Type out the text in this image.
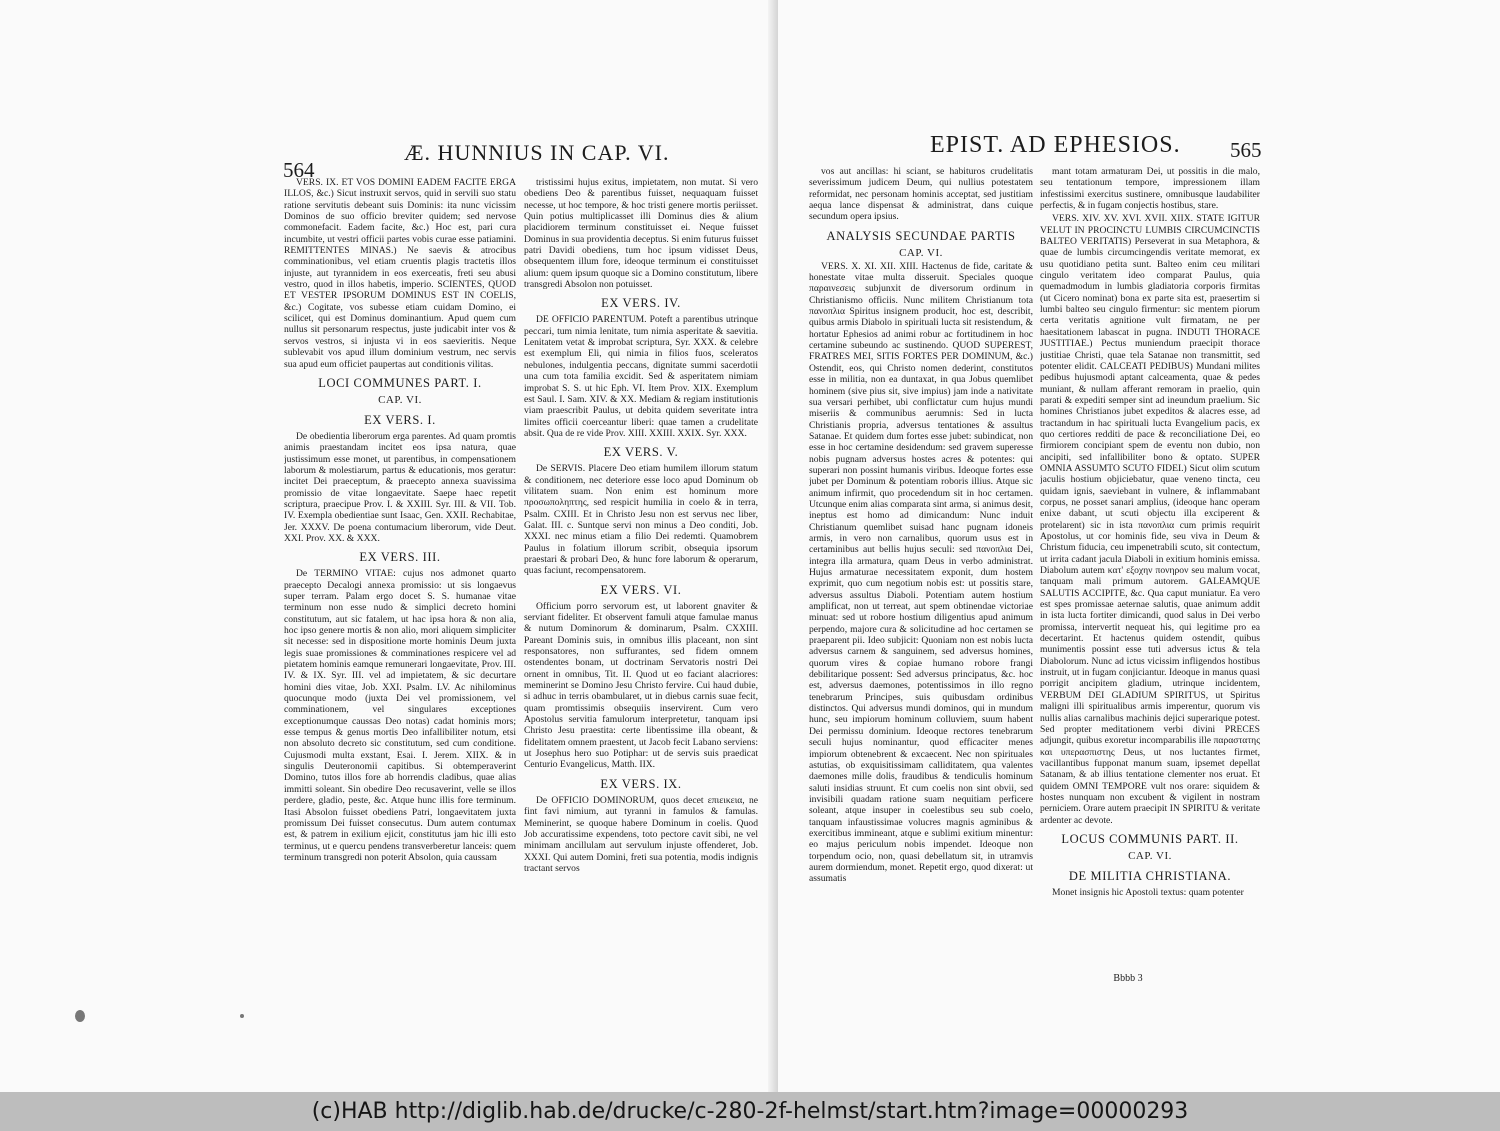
564
Æ. HUNNIUS IN CAP. VI.

VERS. IX. ET VOS DOMINI EADEM FACITE ERGA ILLOS, &c.) Sicut instruxit servos, quid in servili suo statu ratione servitutis debeant suis Dominis: ita nunc vicissim Dominos de suo officio breviter quidem; sed nervose commonefacit. Eadem facite, &c.) Hoc est, pari cura incumbite, ut vestri officii partes vobis curae esse patiamini. REMITTENTES MINAS.) Ne saevis & atrocibus comminationibus, vel etiam cruentis plagis tractetis illos injuste, aut tyrannidem in eos exerceatis, freti seu abusi vestro, quod in illos habetis, imperio. SCIENTES, QUOD ET VESTER IPSORUM DOMINUS EST IN COELIS, &c.) Cogitate, vos subesse etiam cuidam Domino, ei scilicet, qui est Dominus dominantium. Apud quem cum nullus sit personarum respectus, juste judicabit inter vos & servos vestros, si injusta vi in eos saevieritis. Neque sublevabit vos apud illum dominium vestrum, nec servis sua apud eum officiet paupertas aut conditionis vilitas.

LOCI COMMUNES PART. I.
CAP. VI.
EX VERS. I.

De obedientia liberorum erga parentes. Ad quam promtis animis praestandam incitet eos ipsa natura, quae justissimum esse monet, ut parentibus, in compensationem laborum & molestiarum, partus & educationis, mos geratur: incitet Dei praeceptum, & praecepto annexa suavissima promissio de vitae longaevitate. Saepe haec repetit scriptura, praecipue Prov. I. & XXIII. Syr. III. & VII. Tob. IV. Exempla obedientiae sunt Isaac, Gen. XXII. Rechabitae, Jer. XXXV. De poena contumacium liberorum, vide Deut. XXI. Prov. XX. & XXX.

EX VERS. III.

De TERMINO VITAE: cujus nos admonet quarto praecepto Decalogi annexa promissio: ut sis longaevus super terram. Palam ergo docet S. S. humanae vitae terminum non esse nudo & simplici decreto homini constitutum, aut sic fatalem, ut hac ipsa hora & non alia, hoc ipso genere mortis & non alio, mori aliquem simpliciter sit necesse: sed in dispositione morte hominis Deum juxta legis suae promissiones & comminationes respicere vel ad pietatem hominis eamque remunerari longaevitate, Prov. III. IV. & IX. Syr. III. vel ad impietatem, & sic decurtare homini dies vitae, Job. XXI. Psalm. LV. Ac nihilominus quocunque modo (juxta Dei vel promissionem, vel comminationem, vel singulares exceptiones exceptionumque caussas Deo notas) cadat hominis mors; esse tempus & genus mortis Deo infallibiliter notum, etsi non absoluto decreto sic constitutum, sed cum conditione. Cujusmodi multa exstant, Esai. I. Jerem. XIIX. & in singulis Deuteronomii capitibus. Si obtemperaverint Domino, tutos illos fore ab horrendis cladibus, quae alias immitti soleant. Sin obedire Deo recusaverint, velle se illos perdere, gladio, peste, &c. Atque hunc illis fore terminum. Itasi Absolon fuisset obediens Patri, longaevitatem juxta promissum Dei fuisset consecutus. Dum autem contumax est, & patrem in exilium ejicit, constitutus jam hic illi esto terminus, ut e quercu pendens transverberetur lanceis: quem terminum transgredi non poterit Absolon, quia caussam

tristissimi hujus exitus, impietatem, non mutat. Si vero obediens Deo & parentibus fuisset, nequaquam fuisset necesse, ut hoc tempore, & hoc tristi genere mortis periisset. Quin potius multiplicasset illi Dominus dies & alium placidiorem terminum constituisset ei. Neque fuisset Dominus in sua providentia deceptus. Si enim futurus fuisset patri Davidi obediens, tum hoc ipsum vidisset Deus, obsequentem illum fore, ideoque terminum ei constituisset alium: quem ipsum quoque sic a Domino constitutum, libere transgredi Absolon non potuisset.

EX VERS. IV.

DE OFFICIO PARENTUM. Poteft a parentibus utrinque peccari, tum nimia lenitate, tum nimia asperitate & saevitia. Lenitatem vetat & improbat scriptura, Syr. XXX. & celebre est exemplum Eli, qui nimia in filios fuos, sceleratos nebulones, indulgentia peccans, dignitate summi sacerdotii una cum tota familia excidit. Sed & asperitatem nimiam improbat S. S. ut hic Eph. VI. Item Prov. XIX. Exemplum est Saul. I. Sam. XIV. & XX. Mediam & regiam institutionis viam praescribit Paulus, ut debita quidem severitate intra limites officii coerceantur liberi: quae tamen a crudelitate absit. Qua de re vide Prov. XIII. XXIII. XXIX. Syr. XXX.

EX VERS. V.

De SERVIS. Placere Deo etiam humilem illorum statum & conditionem, nec deteriore esse loco apud Dominum ob vilitatem suam. Non enim est hominum more προσωποληπτης, sed respicit humilia in coelo & in terra, Psalm. CXIII. Et in Christo Jesu non est servus nec liber, Galat. III. c. Suntque servi non minus a Deo conditi, Job. XXXI. nec minus etiam a filio Dei redemti. Quamobrem Paulus in folatium illorum scribit, obsequia ipsorum praestari & probari Deo, & hunc fore laborum & operarum, quas faciunt, recompensatorem.

EX VERS. VI.

Officium porro servorum est, ut laborent gnaviter & serviant fideliter. Et observent famuli atque famulae manus & nutum Dominorum & dominarum, Psalm. CXXIII. Pareant Dominis suis, in omnibus illis placeant, non sint responsatores, non suffurantes, sed fidem omnem ostendentes bonam, ut doctrinam Servatoris nostri Dei ornent in omnibus, Tit. II. Quod ut eo faciant alacriores: meminerint se Domino Jesu Christo fervire. Cui haud dubie, si adhuc in terris obambularet, ut in diebus carnis suae fecit, quam promtissimis obsequiis inservirent. Cum vero Apostolus servitia famulorum interpretetur, tanquam ipsi Christo Jesu praestita: certe libentissime illa obeant, & fidelitatem omnem praestent, ut Jacob fecit Labano serviens: ut Josephus hero suo Potiphar: ut de servis suis praedicat Centurio Evangelicus, Matth. IIX.

EX VERS. IX.

De OFFICIO DOMINORUM, quos decet επιεικεια, ne fint favi nimium, aut tyranni in famulos & famulas. Meminerint, se quoque habere Dominum in coelis. Quod Job accuratissime expendens, toto pectore cavit sibi, ne vel minimam ancillulam aut servulum injuste offenderet, Job. XXXI. Qui autem Domini, freti sua potentia, modis indignis tractant servos

EPIST. AD EPHESIOS. 565

vos aut ancillas: hi sciant, se habituros crudelitatis severissimum judicem Deum, qui nullius potestatem reformidat, nec personam hominis acceptat, sed justitiam aequa lance dispensat & administrat, dans cuique secundum opera ipsius.

ANALYSIS SECUNDAE PARTIS
CAP. VI.

VERS. X. XI. XII. XIII. Hactenus de fide, caritate & honestate vitae multa disseruit. Speciales quoque παραινεσεις subjunxit de diversorum ordinum in Christianismo officiis. Nunc militem Christianum tota πανοπλια Spiritus insignem producit, hoc est, describit, quibus armis Diabolo in spirituali lucta sit resistendum, & hortatur Ephesios ad animi robur ac fortitudinem in hoc certamine subeundo ac sustinendo. QUOD SUPEREST, FRATRES MEI, SITIS FORTES PER DOMINUM, &c.) Ostendit, eos, qui Christo nomen dederint, constitutos esse in militia, non ea duntaxat, in qua Jobus quemlibet hominem (sive pius sit, sive impius) jam inde a nativitate sua versari perhibet, ubi conflictatur cum hujus mundi miseriis & communibus aerumnis: Sed in lucta Christianis propria, adversus tentationes & assultus Satanae. Et quidem dum fortes esse jubet: subindicat, non esse in hoc certamine desidendum: sed gravem superesse nobis pugnam adversus hostes acres & potentes: qui superari non possint humanis viribus. Ideoque fortes esse jubet per Dominum & potentiam roboris illius. Atque sic animum infirmit, quo procedendum sit in hoc certamen. Utcunque enim alias comparata sint arma, si animus desit, ineptus est homo ad dimicandum: Nunc induit Christianum quemlibet suisad hanc pugnam idoneis armis, in vero non carnalibus, quorum usus est in certaminibus aut bellis hujus seculi: sed πανοπλια Dei, integra illa armatura, quam Deus in verbo administrat. Hujus armaturae necessitatem exponit, dum hostem exprimit, quo cum negotium nobis est: ut possitis stare, adversus assultus Diaboli. Potentiam autem hostium amplificat, non ut terreat, aut spem obtinendae victoriae minuat: sed ut robore hostium diligentius apud animum perpendo, majore cura & solicitudine ad hoc certamen se praeparent pii. Ideo subjicit: Quoniam non est nobis lucta adversus carnem & sanguinem, sed adversus homines, quorum vires & copiae humano robore frangi debilitarique possent: Sed adversus principatus, &c. hoc est, adversus daemones, potentissimos in illo regno tenebrarum Principes, suis quibusdam ordinibus distinctos. Qui adversus mundi dominos, qui in mundum hunc, seu impiorum hominum colluviem, suum habent Dei permissu dominium. Ideoque rectores tenebrarum seculi hujus nominantur, quod efficaciter menes impiorum obtenebrent & excaecent. Nec non spirituales astutias, ob exquisitissimam calliditatem, qua valentes daemones mille dolis, fraudibus & tendiculis hominum saluti insidias struunt. Et cum coelis non sint obvii, sed invisibili quadam ratione suam nequitiam perficere soleant, atque insuper in coelestibus seu sub coelo, tanquam infaustissimae volucres magnis agminibus & exercitibus immineant, atque e sublimi exitium minentur: eo majus periculum nobis impendet. Ideoque non torpendum ocio, non, quasi debellatum sit, in utramvis aurem dormiendum, monet. Repetit ergo, quod dixerat: ut assumatis

mant totam armaturam Dei, ut possitis in die malo, seu tentationum tempore, impressionem illam infestissimi exercitus sustinere, omnibusque laudabiliter perfectis, & in fugam conjectis hostibus, stare.

VERS. XIV. XV. XVI. XVII. XIIX. STATE IGITUR VELUT IN PROCINCTU LUMBIS CIRCUMCINCTIS BALTEO VERITATIS) Perseverat in sua Metaphora, & quae de lumbis circumcingendis veritate memorat, ex usu quotidiano petita sunt. Balteo enim ceu militari cingulo veritatem ideo comparat Paulus, quia quemadmodum in lumbis gladiatoria corporis firmitas (ut Cicero nominat) bona ex parte sita est, praesertim si lumbi balteo seu cingulo firmentur: sic mentem piorum certa veritatis agnitione vult firmatam, ne per haesitationem labascat in pugna. INDUTI THORACE JUSTITIAE.) Pectus muniendum praecipit thorace justitiae Christi, quae tela Satanae non transmittit, sed potenter elidit. CALCEATI PEDIBUS) Mundani milites pedibus hujusmodi aptant calceamenta, quae & pedes muniant, & nullam afferant remoram in praelio, quin parati & expediti semper sint ad ineundum praelium. Sic homines Christianos jubet expeditos & alacres esse, ad tractandum in hac spirituali lucta Evangelium pacis, ex quo certiores redditi de pace & reconciliatione Dei, eo firmiorem concipiant spem de eventu non dubio, non ancipiti, sed infallibiliter bono & optato. SUPER OMNIA ASSUMTO SCUTO FIDEI.) Sicut olim scutum jaculis hostium objiciebatur, quae veneno tincta, ceu quidam ignis, saeviebant in vulnere, & inflammabant corpus, ne posset sanari amplius, (ideoque hanc operam enixe dabant, ut scuti objectu illa exciperent & protelarent) sic in ista πανοπλια cum primis requirit Apostolus, ut cor hominis fide, seu viva in Deum & Christum fiducia, ceu impenetrabili scuto, sit contectum, ut irrita cadant jacula Diaboli in exitium hominis emissa. Diabolum autem κατ' εξοχην πονηρον seu malum vocat, tanquam mali primum autorem. GALEAMQUE SALUTIS ACCIPITE, &c. Qua caput muniatur. Ea vero est spes promissae aeternae salutis, quae animum addit in ista lucta fortiter dimicandi, quod salus in Dei verbo promissa, intervertit nequeat his, qui legitime pro ea decertarint. Et hactenus quidem ostendit, quibus munimentis possint esse tuti adversus ictus & tela Diabolorum. Nunc ad ictus vicissim infligendos hostibus instruit, ut in fugam conjiciantur. Ideoque in manus quasi porrigit ancipitem gladium, utrinque incidentem, VERBUM DEI GLADIUM SPIRITUS, ut Spiritus maligni illi spiritualibus armis imperentur, quorum vis nullis alias carnalibus machinis dejici superarique potest. Sed propter meditationem verbi divini PRECES adjungit, quibus exoretur incomparabilis ille παραστατης και υπερασπιστης Deus, ut nos luctantes firmet, vacillantibus fupponat manum suam, ipsemet depellat Satanam, & ab illius tentatione clementer nos eruat. Et quidem OMNI TEMPORE vult nos orare: siquidem & hostes nunquam non excubent & vigilent in nostram perniciem. Orare autem praecipit IN SPIRITU & veritate ardenter ac devote.

LOCUS COMMUNIS PART. II.
CAP. VI.
DE MILITIA CHRISTIANA.

Monet insignis hic Apostoli textus: quam potenter

Bbbb 3
(c)HAB http://diglib.hab.de/drucke/c-280-2f-helmst/start.htm?image=00000293
